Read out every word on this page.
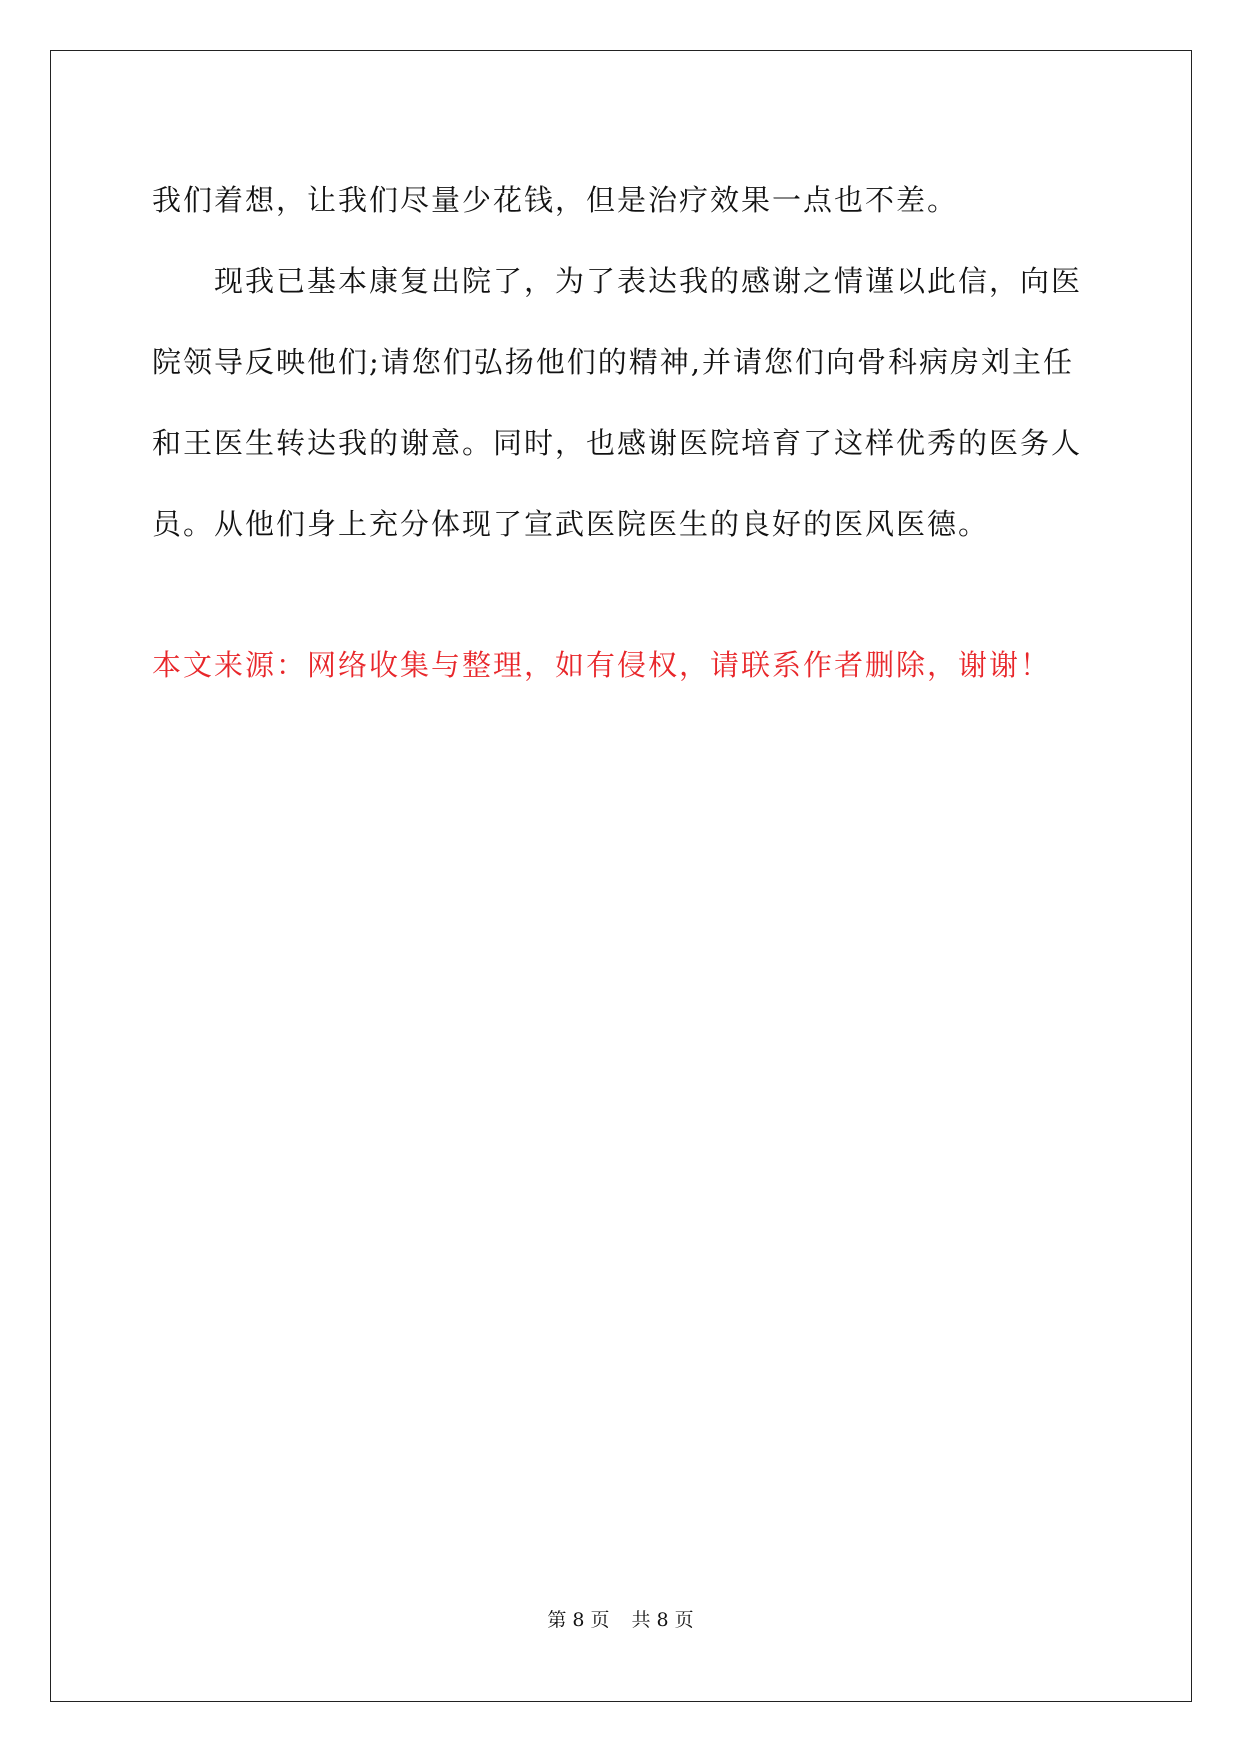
我们着想，让我们尽量少花钱，但是治疗效果一点也不差。
现我已基本康复出院了，为了表达我的感谢之情谨以此信，向医
院领导反映他们;请您们弘扬他们的精神,并请您们向骨科病房刘主任
和王医生转达我的谢意。同时，也感谢医院培育了这样优秀的医务人
员。从他们身上充分体现了宣武医院医生的良好的医风医德。
本文来源：网络收集与整理，如有侵权，请联系作者删除，谢谢！
第 8 页 共 8 页
